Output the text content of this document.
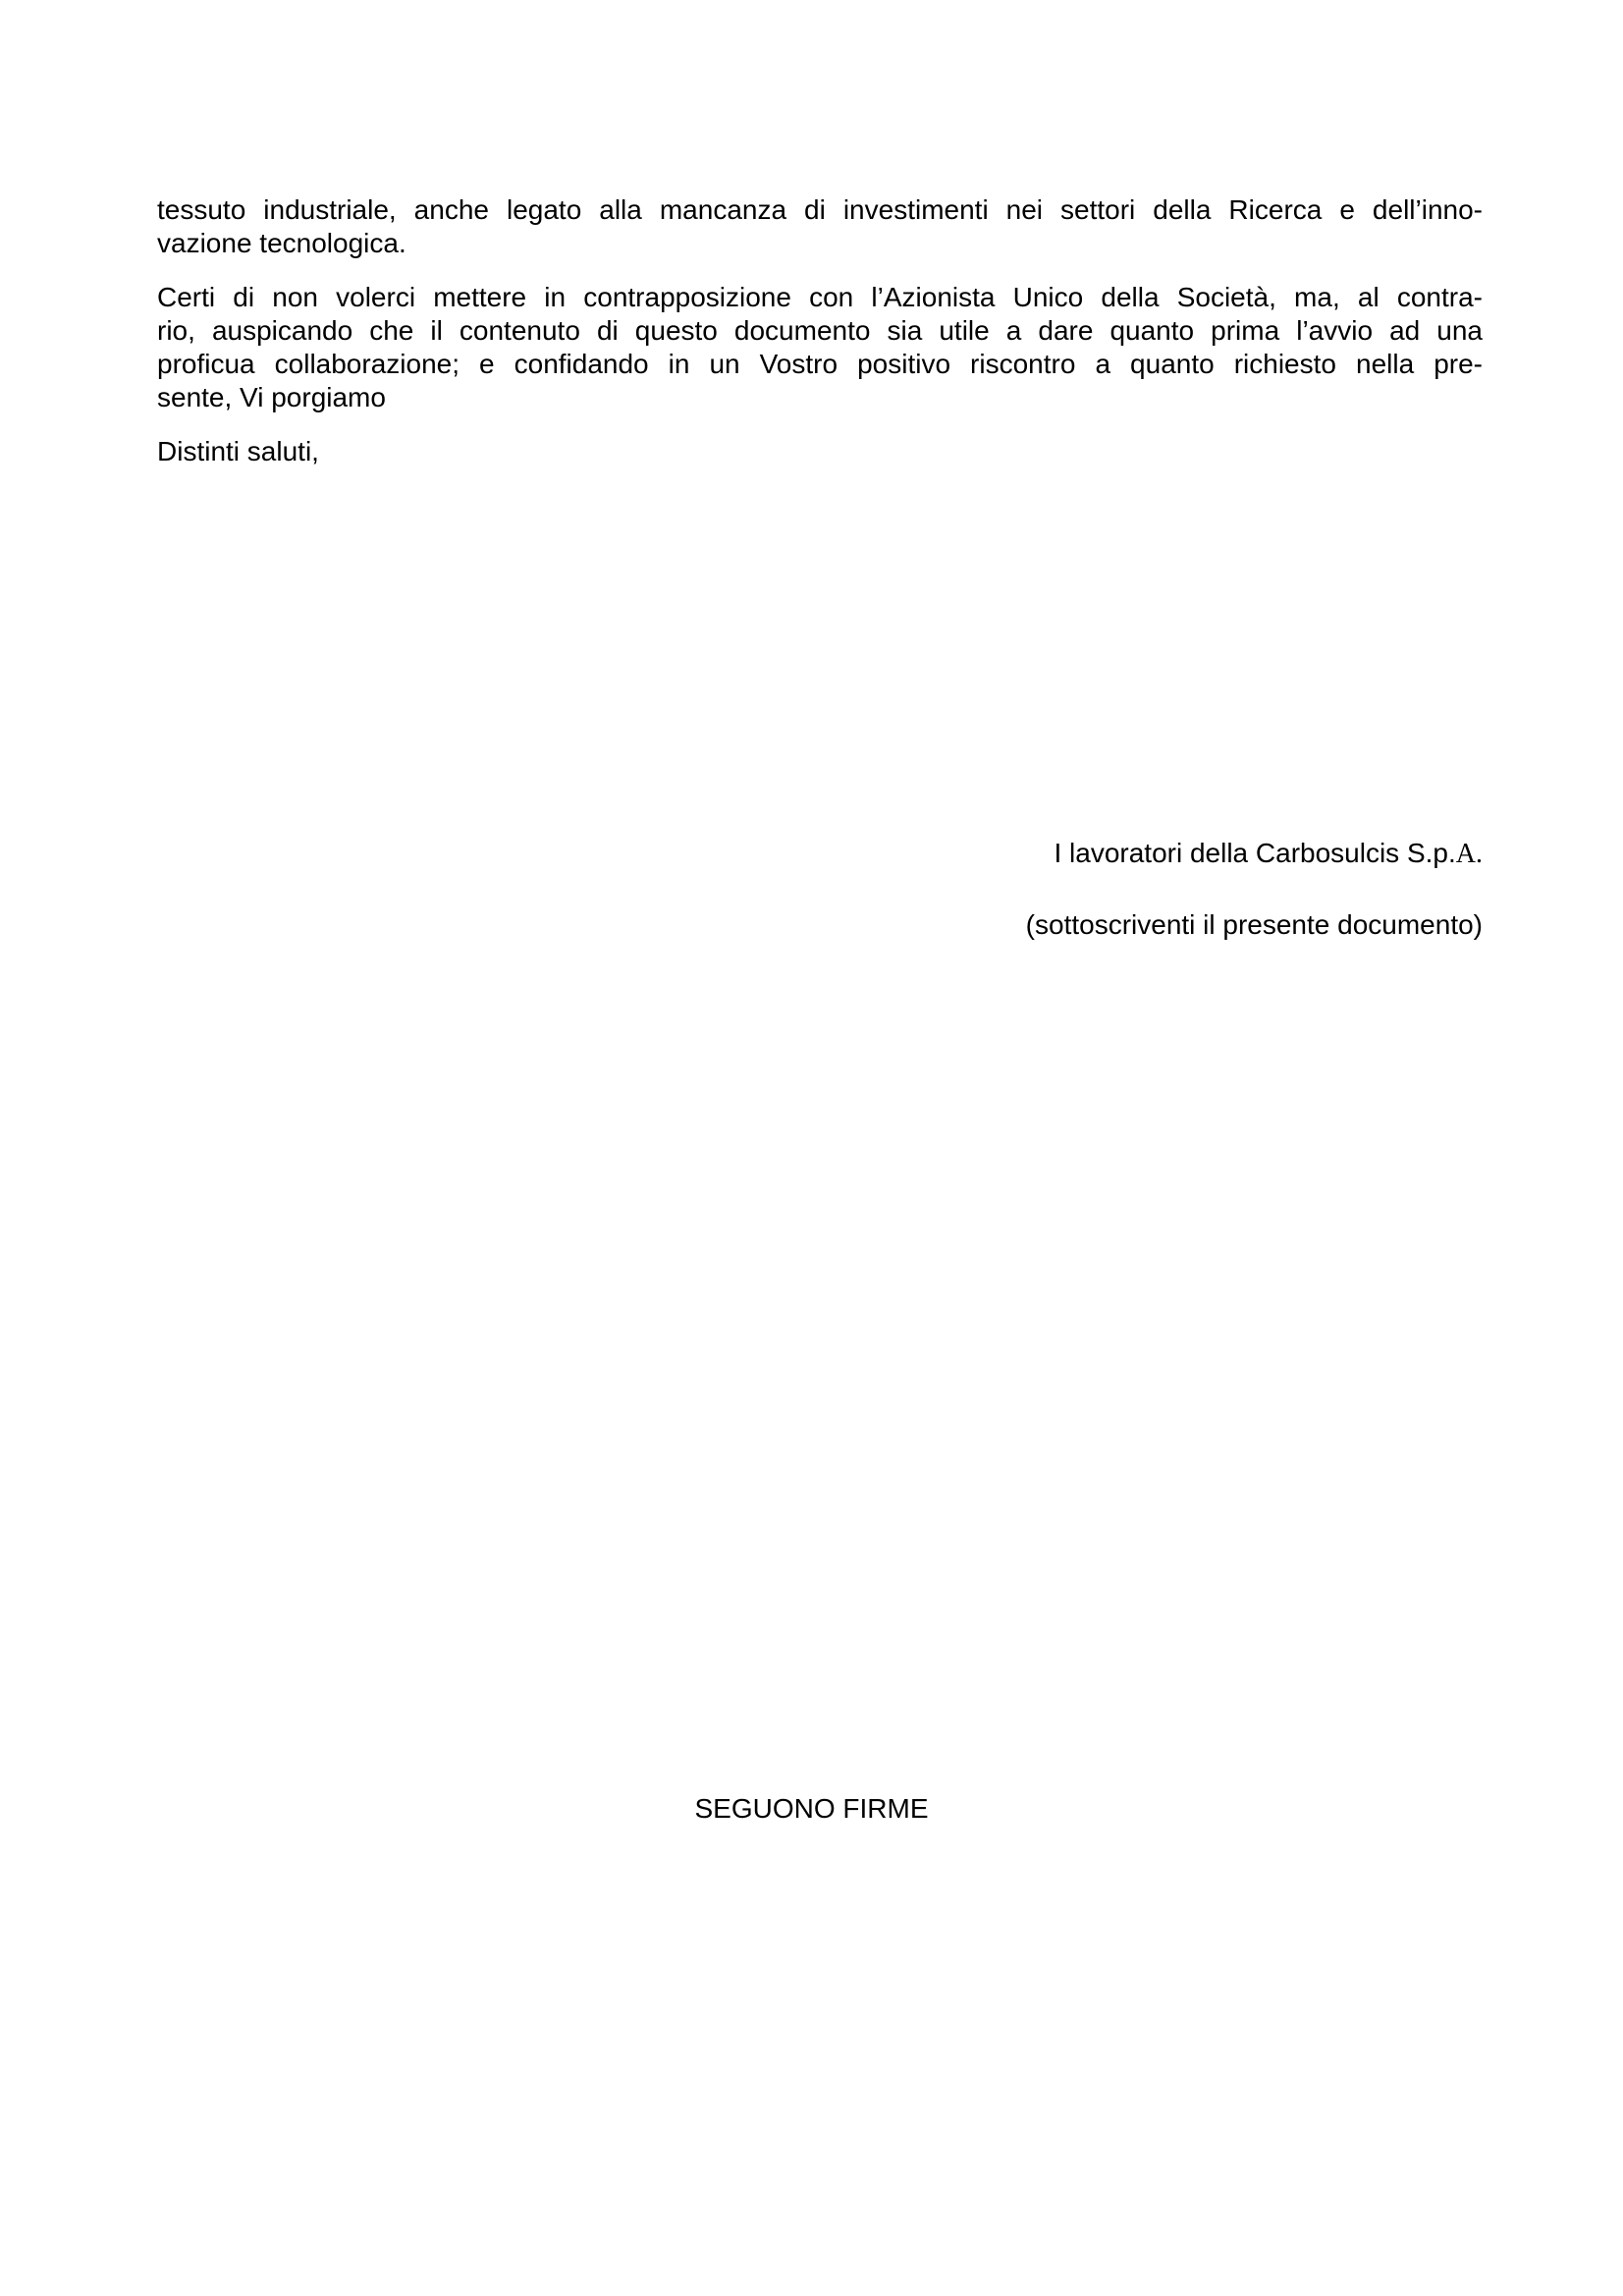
tessuto industriale, anche legato alla mancanza di investimenti nei settori della Ricerca e dell’inno-

vazione tecnologica.

Certi di non volerci mettere in contrapposizione con l’Azionista Unico della Società, ma, al contra-

rio, auspicando che il contenuto di questo documento sia utile a dare quanto prima l’avvio ad una

proficua collaborazione; e confidando in un Vostro positivo riscontro a quanto richiesto nella pre-

sente, Vi porgiamo

Distinti saluti,

I lavoratori della Carbosulcis S.p.A.

(sottoscriventi il presente documento)

SEGUONO FIRME
